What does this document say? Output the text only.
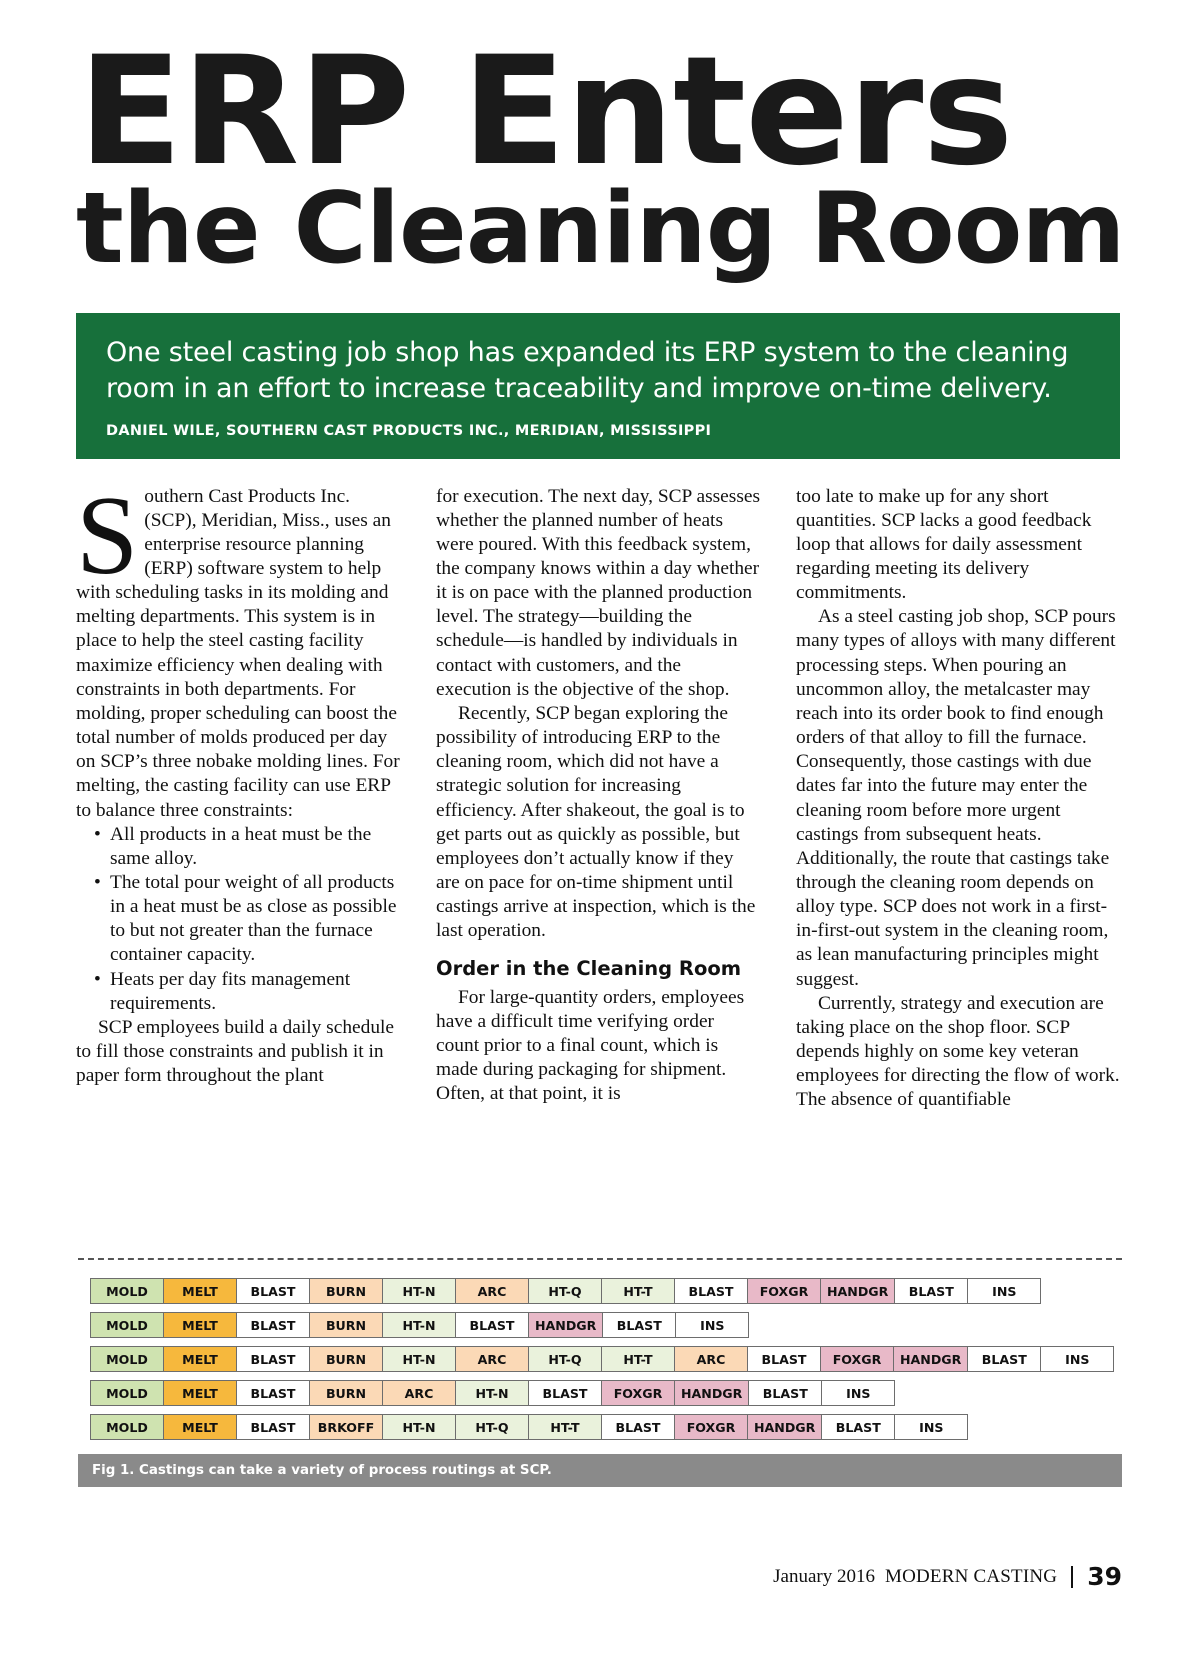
ERP Enters
the Cleaning Room
One steel casting job shop has expanded its ERP system to the cleaning room in an effort to increase traceability and improve on-time delivery.
DANIEL WILE, SOUTHERN CAST PRODUCTS INC., MERIDIAN, MISSISSIPPI

Southern Cast Products Inc. (SCP), Meridian, Miss., uses an enterprise resource planning (ERP) software system to help with scheduling tasks in its molding and melting departments. This system is in place to help the steel casting facility maximize efficiency when dealing with constraints in both departments. For molding, proper scheduling can boost the total number of molds produced per day on SCP’s three nobake molding lines. For melting, the casting facility can use ERP to balance three constraints:

• All products in a heat must be the same alloy.
• The total pour weight of all products in a heat must be as close as possible to but not greater than the furnace container capacity.
• Heats per day fits management requirements.

SCP employees build a daily schedule to fill those constraints and publish it in paper form throughout the plant

for execution. The next day, SCP assesses whether the planned number of heats were poured. With this feedback system, the company knows within a day whether it is on pace with the planned production level. The strategy—building the schedule—is handled by individuals in contact with customers, and the execution is the objective of the shop.

Recently, SCP began exploring the possibility of introducing ERP to the cleaning room, which did not have a strategic solution for increasing efficiency. After shakeout, the goal is to get parts out as quickly as possible, but employees don’t actually know if they are on pace for on-time shipment until castings arrive at inspection, which is the last operation.

Order in the Cleaning Room

For large-quantity orders, employees have a difficult time verifying order count prior to a final count, which is made during packaging for shipment. Often, at that point, it is

too late to make up for any short quantities. SCP lacks a good feedback loop that allows for daily assessment regarding meeting its delivery commitments.

As a steel casting job shop, SCP pours many types of alloys with many different processing steps. When pouring an uncommon alloy, the metalcaster may reach into its order book to find enough orders of that alloy to fill the furnace. Consequently, those castings with due dates far into the future may enter the cleaning room before more urgent castings from subsequent heats. Additionally, the route that castings take through the cleaning room depends on alloy type. SCP does not work in a first-in-first-out system in the cleaning room, as lean manufacturing principles might suggest.

Currently, strategy and execution are taking place on the shop floor. SCP depends highly on some key veteran employees for directing the flow of work. The absence of quantifiable

MOLD	MELT	BLAST	BURN	HT-N	ARC	HT-Q	HT-T	BLAST	FOXGR	HANDGR	BLAST	INS
MOLD	MELT	BLAST	BURN	HT-N	BLAST	HANDGR	BLAST	INS
MOLD	MELT	BLAST	BURN	HT-N	ARC	HT-Q	HT-T	ARC	BLAST	FOXGR	HANDGR	BLAST	INS
MOLD	MELT	BLAST	BURN	ARC	HT-N	BLAST	FOXGR	HANDGR	BLAST	INS
MOLD	MELT	BLAST	BRKOFF	HT-N	HT-Q	HT-T	BLAST	FOXGR	HANDGR	BLAST	INS
Fig 1. Castings can take a variety of process routings at SCP.
January 2016 MODERN CASTING 39
